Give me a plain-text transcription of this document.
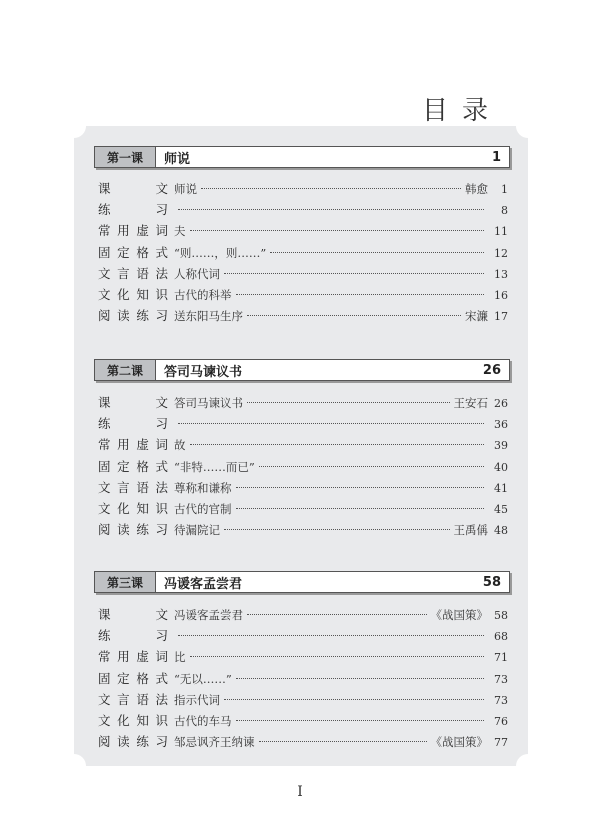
目录
第一课	师说	1
课文 师说	韩愈	1
练习	8
常用虚词 夫	11
固定格式 “则……，则……”	12
文言语法 人称代词	13
文化知识 古代的科举	16
阅读练习 送东阳马生序	宋濂 17
第二课	答司马谏议书	26
课文 答司马谏议书	王安石 26
练习	36
常用虚词 故	39
固定格式 “非特……而已”	40
文言语法 尊称和谦称	41
文化知识 古代的官制	45
阅读练习 待漏院记	王禹偁 48
第三课	冯谖客孟尝君	58
课文 冯谖客孟尝君	《战国策》 58
练习	68
常用虚词 比	71
固定格式 “无以……”	73
文言语法 指示代词	73
文化知识 古代的车马	76
阅读练习 邹忌讽齐王纳谏	《战国策》 77
I
